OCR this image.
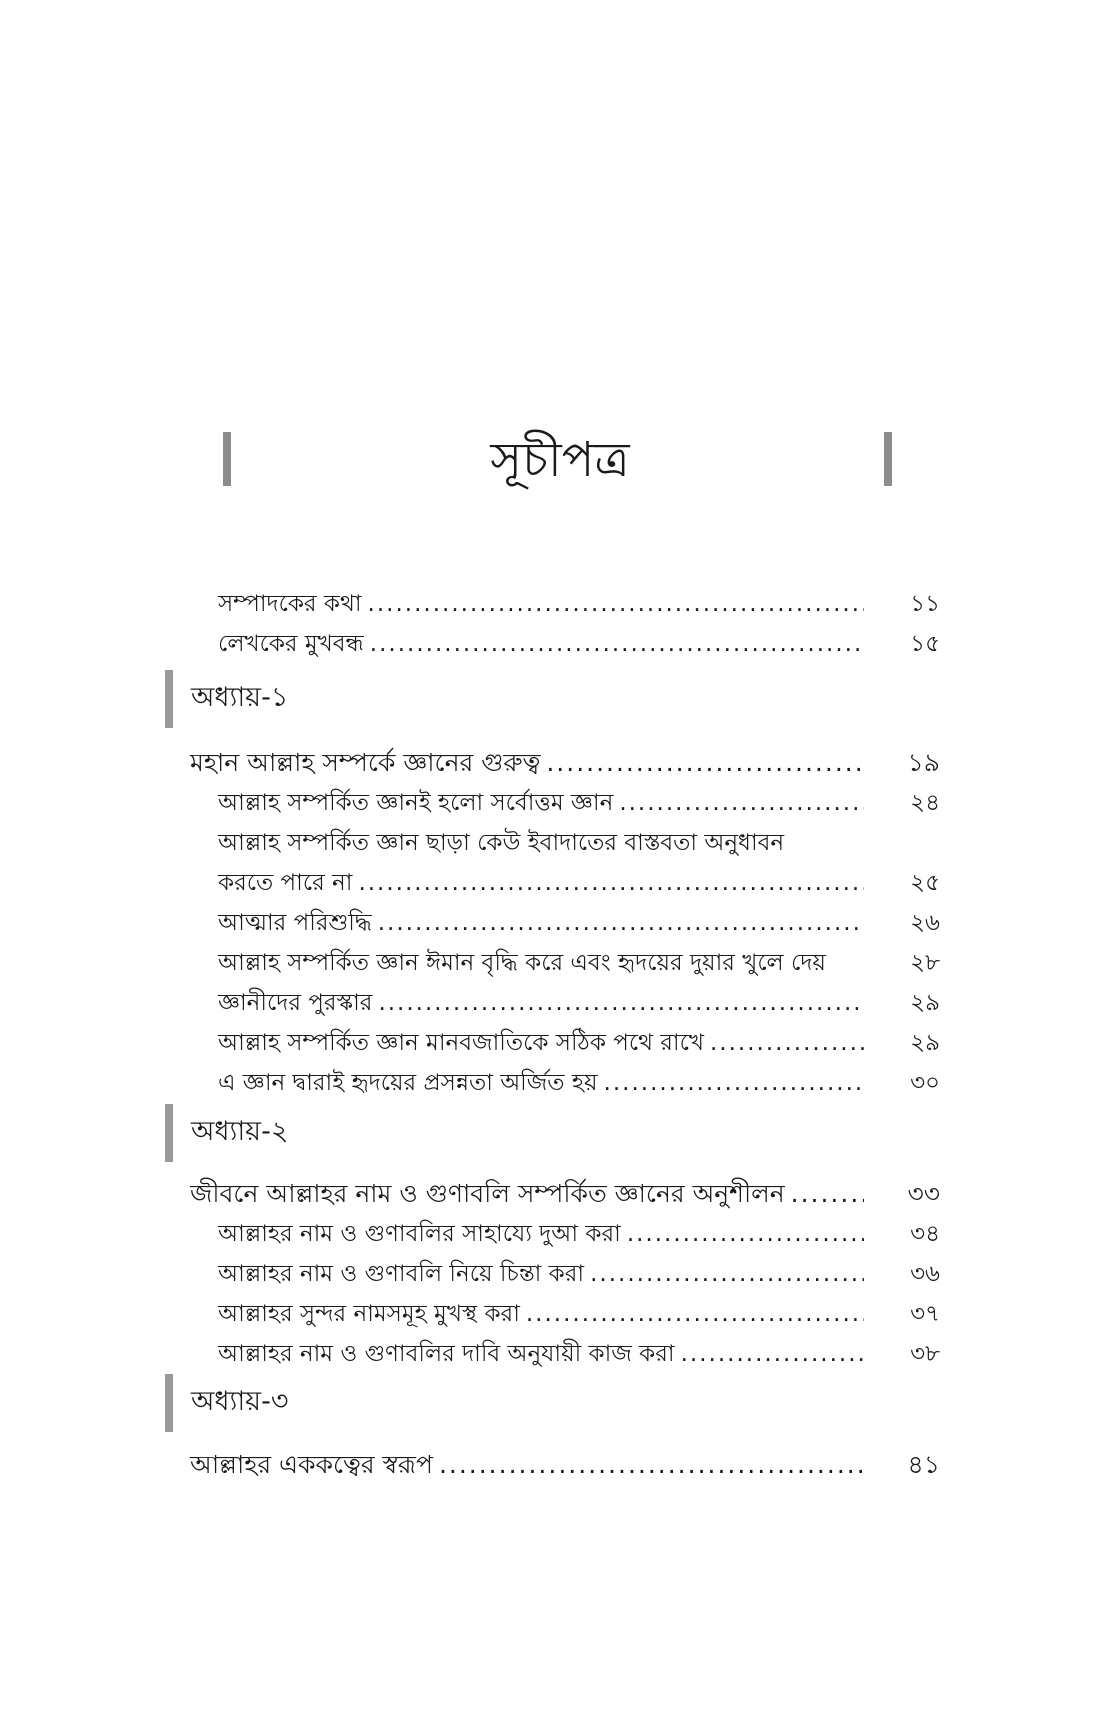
সূচীপত্র
সম্পাদকের কথা .....	১১
লেখকের মুখবন্ধ .....	১৫
অধ্যায়-১
মহান আল্লাহ সম্পর্কে জ্ঞানের গুরুত্ব .....	১৯
আল্লাহ সম্পর্কিত জ্ঞানই হলো সর্বোত্তম জ্ঞান .....	২৪
আল্লাহ সম্পর্কিত জ্ঞান ছাড়া কেউ ইবাদাতের বাস্তবতা অনুধাবন
করতে পারে না .....	২৫
আত্মার পরিশুদ্ধি .....	২৬
আল্লাহ সম্পর্কিত জ্ঞান ঈমান বৃদ্ধি করে এবং হৃদয়ের দুয়ার খুলে দেয়	২৮
জ্ঞানীদের পুরস্কার .....	২৯
আল্লাহ সম্পর্কিত জ্ঞান মানবজাতিকে সঠিক পথে রাখে .....	২৯
এ জ্ঞান দ্বারাই হৃদয়ের প্রসন্নতা অর্জিত হয় .....	৩০
অধ্যায়-২
জীবনে আল্লাহর নাম ও গুণাবলি সম্পর্কিত জ্ঞানের অনুশীলন .....	৩৩
আল্লাহর নাম ও গুণাবলির সাহায্যে দুআ করা .....	৩৪
আল্লাহর নাম ও গুণাবলি নিয়ে চিন্তা করা .....	৩৬
আল্লাহর সুন্দর নামসমূহ মুখস্থ করা .....	৩৭
আল্লাহর নাম ও গুণাবলির দাবি অনুযায়ী কাজ করা .....	৩৮
অধ্যায়-৩
আল্লাহর এককত্বের স্বরূপ .....	৪১
